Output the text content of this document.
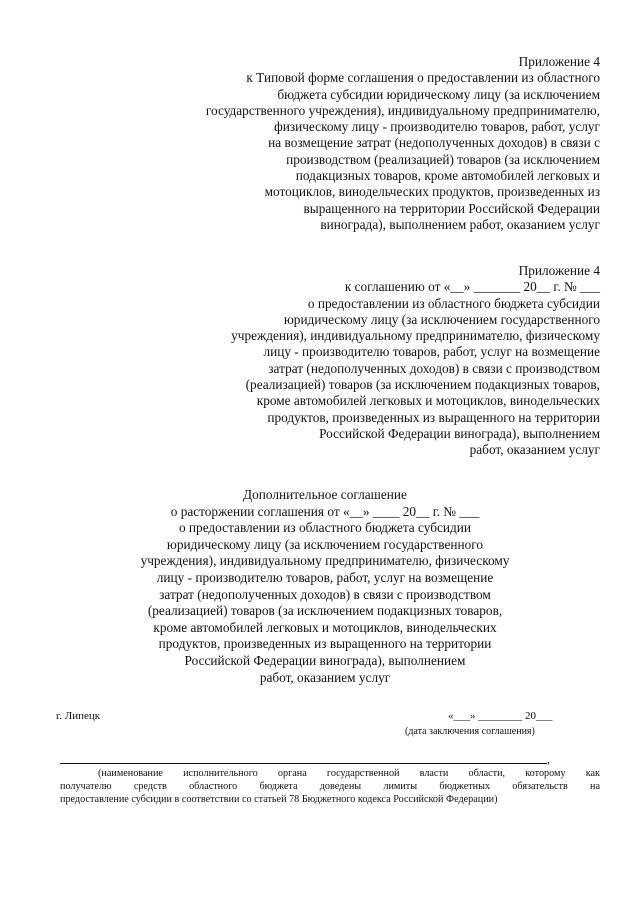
Приложение 4
к Типовой форме соглашения о предоставлении из областного
бюджета субсидии юридическому лицу (за исключением
государственного учреждения), индивидуальному предпринимателю,
физическому лицу - производителю товаров, работ, услуг
на возмещение затрат (недополученных доходов) в связи с
производством (реализацией) товаров (за исключением
подакцизных товаров, кроме автомобилей легковых и
мотоциклов, винодельческих продуктов, произведенных из
выращенного на территории Российской Федерации
винограда), выполнением работ, оказанием услуг
Приложение 4
к соглашению от «__» _______ 20__ г. № ___
о предоставлении из областного бюджета субсидии
юридическому лицу (за исключением государственного
учреждения), индивидуальному предпринимателю, физическому
лицу - производителю товаров, работ, услуг на возмещение
затрат (недополученных доходов) в связи с производством
(реализацией) товаров (за исключением подакцизных товаров,
кроме автомобилей легковых и мотоциклов, винодельческих
продуктов, произведенных из выращенного на территории
Российской Федерации винограда), выполнением
работ, оказанием услуг
Дополнительное соглашение
о расторжении соглашения от «__» ____ 20__ г. № ___
о предоставлении из областного бюджета субсидии
юридическому лицу (за исключением государственного
учреждения), индивидуальному предпринимателю, физическому
лицу - производителю товаров, работ, услуг на возмещение
затрат (недополученных доходов) в связи с производством
(реализацией) товаров (за исключением подакцизных товаров,
кроме автомобилей легковых и мотоциклов, винодельческих
продуктов, произведенных из выращенного на территории
Российской Федерации винограда), выполнением
работ, оказанием услуг
г. Липецк	«___» ________ 20___
(дата заключения соглашения)
,
(наименование исполнительного органа государственной власти области, которому как
получателю средств областного бюджета доведены лимиты бюджетных обязательств на
предоставление субсидии в соответствии со статьей 78 Бюджетного кодекса Российской Федерации)
